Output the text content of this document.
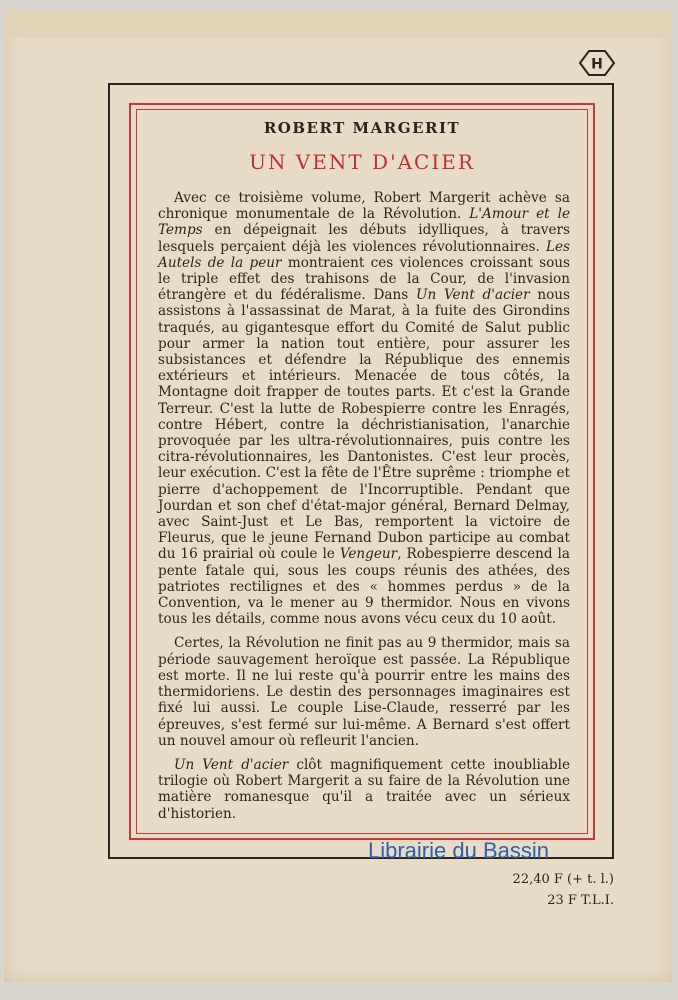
H
ROBERT MARGERIT
UN VENT D'ACIER

Avec ce troisième volume, Robert Margerit achève sa chronique monumentale de la Révolution. L'Amour et le Temps en dépeignait les débuts idylliques, à travers lesquels perçaient déjà les violences révolutionnaires. Les Autels de la peur montraient ces violences croissant sous le triple effet des trahisons de la Cour, de l'invasion étrangère et du fédéralisme. Dans Un Vent d'acier nous assistons à l'assassinat de Marat, à la fuite des Girondins traqués, au gigantesque effort du Comité de Salut public pour armer la nation tout entière, pour assurer les subsistances et défendre la République des ennemis extérieurs et intérieurs. Menacée de tous côtés, la Montagne doit frapper de toutes parts. Et c'est la Grande Terreur. C'est la lutte de Robespierre contre les Enragés, contre Hébert, contre la déchristianisation, l'anarchie provoquée par les ultra-révolutionnaires, puis contre les citra-révolutionnaires, les Dantonistes. C'est leur procès, leur exécution. C'est la fête de l'Être suprême : triomphe et pierre d'achoppement de l'Incorruptible. Pendant que Jourdan et son chef d'état-major général, Bernard Delmay, avec Saint-Just et Le Bas, remportent la victoire de Fleurus, que le jeune Fernand Dubon participe au combat du 16 prairial où coule le Vengeur, Robespierre descend la pente fatale qui, sous les coups réunis des athées, des patriotes rectilignes et des « hommes perdus » de la Convention, va le mener au 9 thermidor. Nous en vivons tous les détails, comme nous avons vécu ceux du 10 août.

Certes, la Révolution ne finit pas au 9 thermidor, mais sa période sauvagement heroïque est passée. La République est morte. Il ne lui reste qu'à pourrir entre les mains des thermidoriens. Le destin des personnages imaginaires est fixé lui aussi. Le couple Lise-Claude, resserré par les épreuves, s'est fermé sur lui-même. A Bernard s'est offert un nouvel amour où refleurit l'ancien.

Un Vent d'acier clôt magnifiquement cette inoubliable trilogie où Robert Margerit a su faire de la Révolution une matière romanesque qu'il a traitée avec un sérieux d'historien.

Librairie du Bassin
22,40 F (+ t. l.)
23 F T.L.I.
